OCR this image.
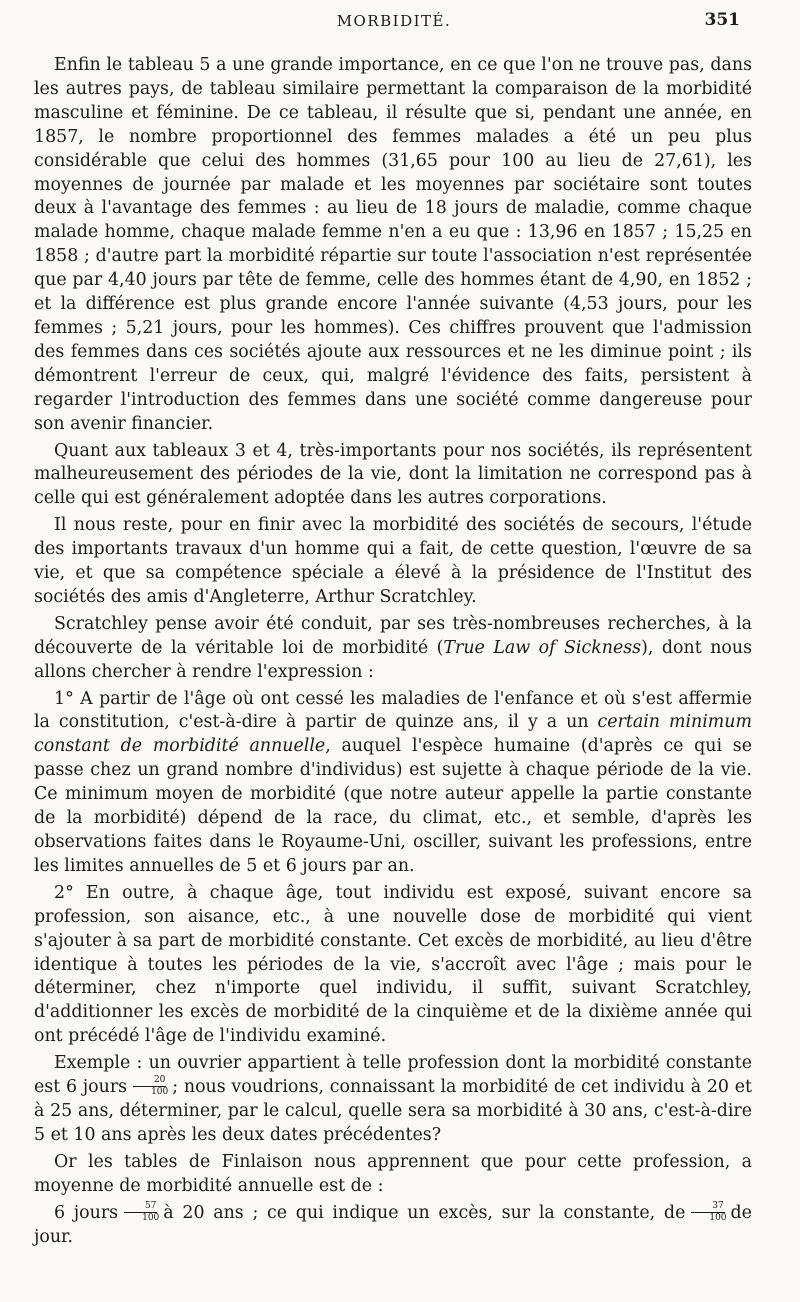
MORBIDITÉ.	351

Enfin le tableau 5 a une grande importance, en ce que l'on ne trouve pas, dans les autres pays, de tableau similaire permettant la comparaison de la morbidité masculine et féminine. De ce tableau, il résulte que si, pendant une année, en 1857, le nombre proportionnel des femmes malades a été un peu plus considérable que celui des hommes (31,65 pour 100 au lieu de 27,61), les moyennes de journée par malade et les moyennes par sociétaire sont toutes deux à l'avantage des femmes : au lieu de 18 jours de maladie, comme chaque malade homme, chaque malade femme n'en a eu que : 13,96 en 1857 ; 15,25 en 1858 ; d'autre part la morbidité répartie sur toute l'association n'est représentée que par 4,40 jours par tête de femme, celle des hommes étant de 4,90, en 1852 ; et la différence est plus grande encore l'année suivante (4,53 jours, pour les femmes ; 5,21 jours, pour les hommes). Ces chiffres prouvent que l'admission des femmes dans ces sociétés ajoute aux ressources et ne les diminue point ; ils démontrent l'erreur de ceux, qui, malgré l'évidence des faits, persistent à regarder l'introduction des femmes dans une société comme dangereuse pour son avenir financier.

Quant aux tableaux 3 et 4, très-importants pour nos sociétés, ils représentent malheureusement des périodes de la vie, dont la limitation ne correspond pas à celle qui est généralement adoptée dans les autres corporations.

Il nous reste, pour en finir avec la morbidité des sociétés de secours, l'étude des importants travaux d'un homme qui a fait, de cette question, l'œuvre de sa vie, et que sa compétence spéciale a élevé à la présidence de l'Institut des sociétés des amis d'Angleterre, Arthur Scratchley.

Scratchley pense avoir été conduit, par ses très-nombreuses recherches, à la découverte de la véritable loi de morbidité (True Law of Sickness), dont nous allons chercher à rendre l'expression :

1° A partir de l'âge où ont cessé les maladies de l'enfance et où s'est affermie la constitution, c'est-à-dire à partir de quinze ans, il y a un certain minimum constant de morbidité annuelle, auquel l'espèce humaine (d'après ce qui se passe chez un grand nombre d'individus) est sujette à chaque période de la vie. Ce minimum moyen de morbidité (que notre auteur appelle la partie constante de la morbidité) dépend de la race, du climat, etc., et semble, d'après les observations faites dans le Royaume-Uni, osciller, suivant les professions, entre les limites annuelles de 5 et 6 jours par an.

2° En outre, à chaque âge, tout individu est exposé, suivant encore sa profession, son aisance, etc., à une nouvelle dose de morbidité qui vient s'ajouter à sa part de morbidité constante. Cet excès de morbidité, au lieu d'être identique à toutes les périodes de la vie, s'accroît avec l'âge ; mais pour le déterminer, chez n'importe quel individu, il suffit, suivant Scratchley, d'additionner les excès de morbidité de la cinquième et de la dixième année qui ont précédé l'âge de l'individu examiné.

Exemple : un ouvrier appartient à telle profession dont la morbidité constante est 6 jours $\frac{20}{100}$ ; nous voudrions, connaissant la morbidité de cet individu à 20 et à 25 ans, déterminer, par le calcul, quelle sera sa morbidité à 30 ans, c'est-à-dire 5 et 10 ans après les deux dates précédentes?

Or les tables de Finlaison nous apprennent que pour cette profession, a moyenne de morbidité annuelle est de :

6 jours $\frac{57}{100}$ à 20 ans ; ce qui indique un excès, sur la constante, de $\frac{37}{100}$ de jour.
